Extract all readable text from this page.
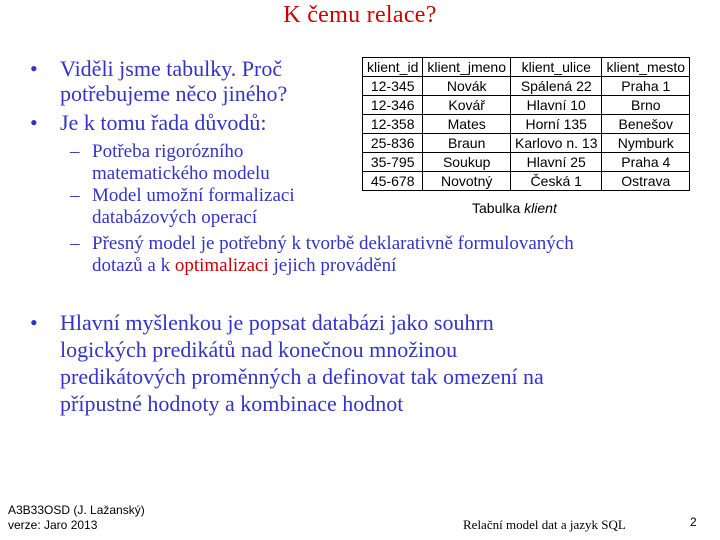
K čemu relace?
•	Viděli jsme tabulky. Proč
potřebujeme něco jiného?
•	Je k tomu řada důvodů:
– Potřeba rigorózního
matematického modelu
– Model umožní formalizaci
databázových operací
– Přesný model je potřebný k tvorbě deklarativně formulovaných
dotazů a k optimalizaci jejich provádění
•	Hlavní myšlenkou je popsat databázi jako souhrn
logických predikátů nad konečnou množinou
predikátových proměnných a definovat tak omezení na
přípustné hodnoty a kombinace hodnot
klient_id	klient_jmeno	klient_ulice	klient_mesto
12-345	Novák	Spálená 22	Praha 1
12-346	Kovář	Hlavní 10	Brno
12-358	Mates	Horní 135	Benešov
25-836	Braun	Karlovo n. 13	Nymburk
35-795	Soukup	Hlavní 25	Praha 4
45-678	Novotný	Česká 1	Ostrava
Tabulka klient
A3B33OSD (J. Lažanský)
verze: Jaro 2013	Relační model dat a jazyk SQL	2
